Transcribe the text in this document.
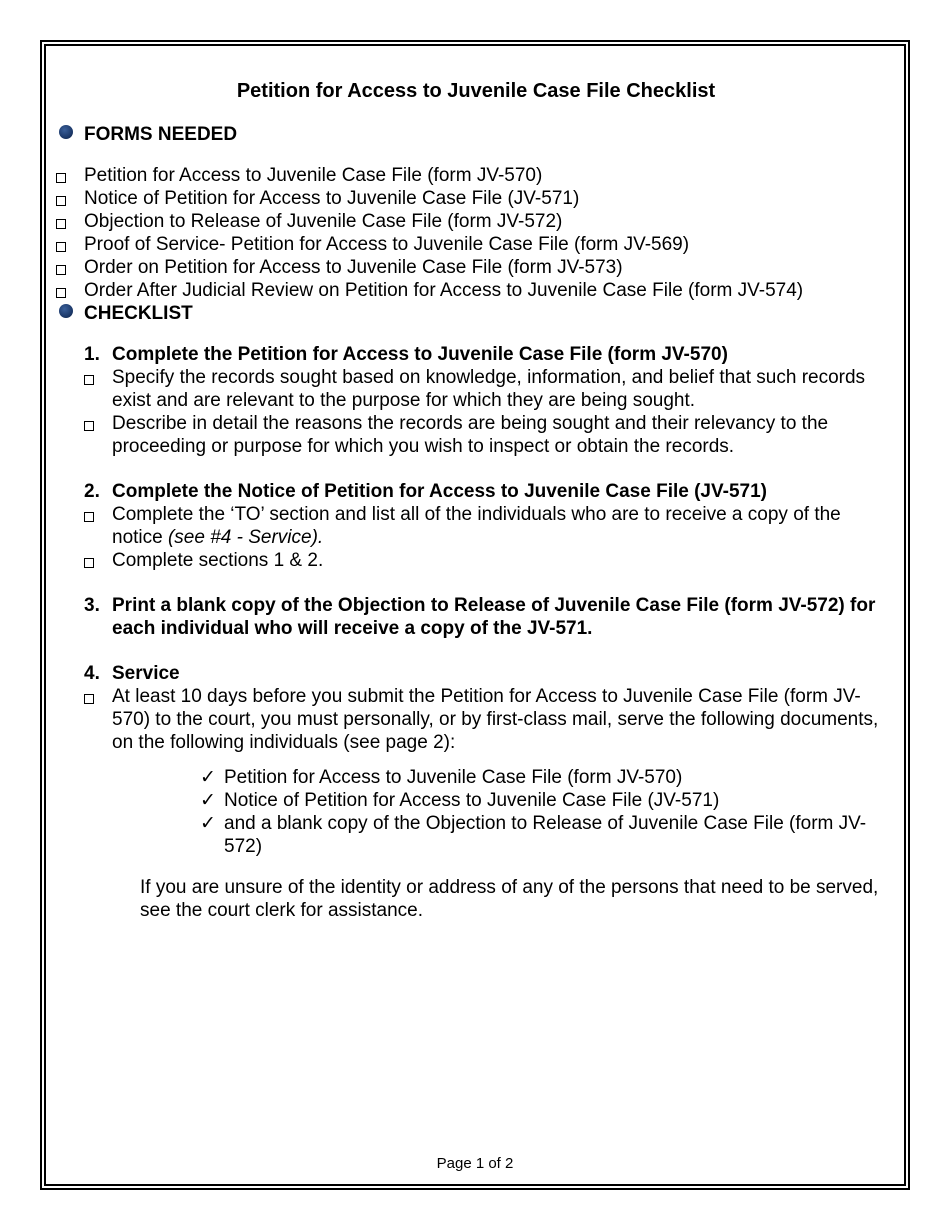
Petition for Access to Juvenile Case File Checklist
FORMS NEEDED
Petition for Access to Juvenile Case File (form JV-570)
Notice of Petition for Access to Juvenile Case File (JV-571)
Objection to Release of Juvenile Case File (form JV-572)
Proof of Service- Petition for Access to Juvenile Case File (form JV-569)
Order on Petition for Access to Juvenile Case File (form JV-573)
Order After Judicial Review on Petition for Access to Juvenile Case File (form JV-574)
CHECKLIST
1. Complete the Petition for Access to Juvenile Case File (form JV-570)
Specify the records sought based on knowledge, information, and belief that such records exist and are relevant to the purpose for which they are being sought.
Describe in detail the reasons the records are being sought and their relevancy to the proceeding or purpose for which you wish to inspect or obtain the records.
2. Complete the Notice of Petition for Access to Juvenile Case File (JV-571)
Complete the ‘TO’ section and list all of the individuals who are to receive a copy of the notice (see #4 - Service).
Complete sections 1 & 2.
3. Print a blank copy of the Objection to Release of Juvenile Case File (form JV-572) for each individual who will receive a copy of the JV-571.
4. Service
At least 10 days before you submit the Petition for Access to Juvenile Case File (form JV-570) to the court, you must personally, or by first-class mail, serve the following documents, on the following individuals (see page 2):
✓ Petition for Access to Juvenile Case File (form JV-570)
✓ Notice of Petition for Access to Juvenile Case File (JV-571)
✓ and a blank copy of the Objection to Release of Juvenile Case File (form JV-572)
If you are unsure of the identity or address of any of the persons that need to be served, see the court clerk for assistance.
Page 1 of 2
